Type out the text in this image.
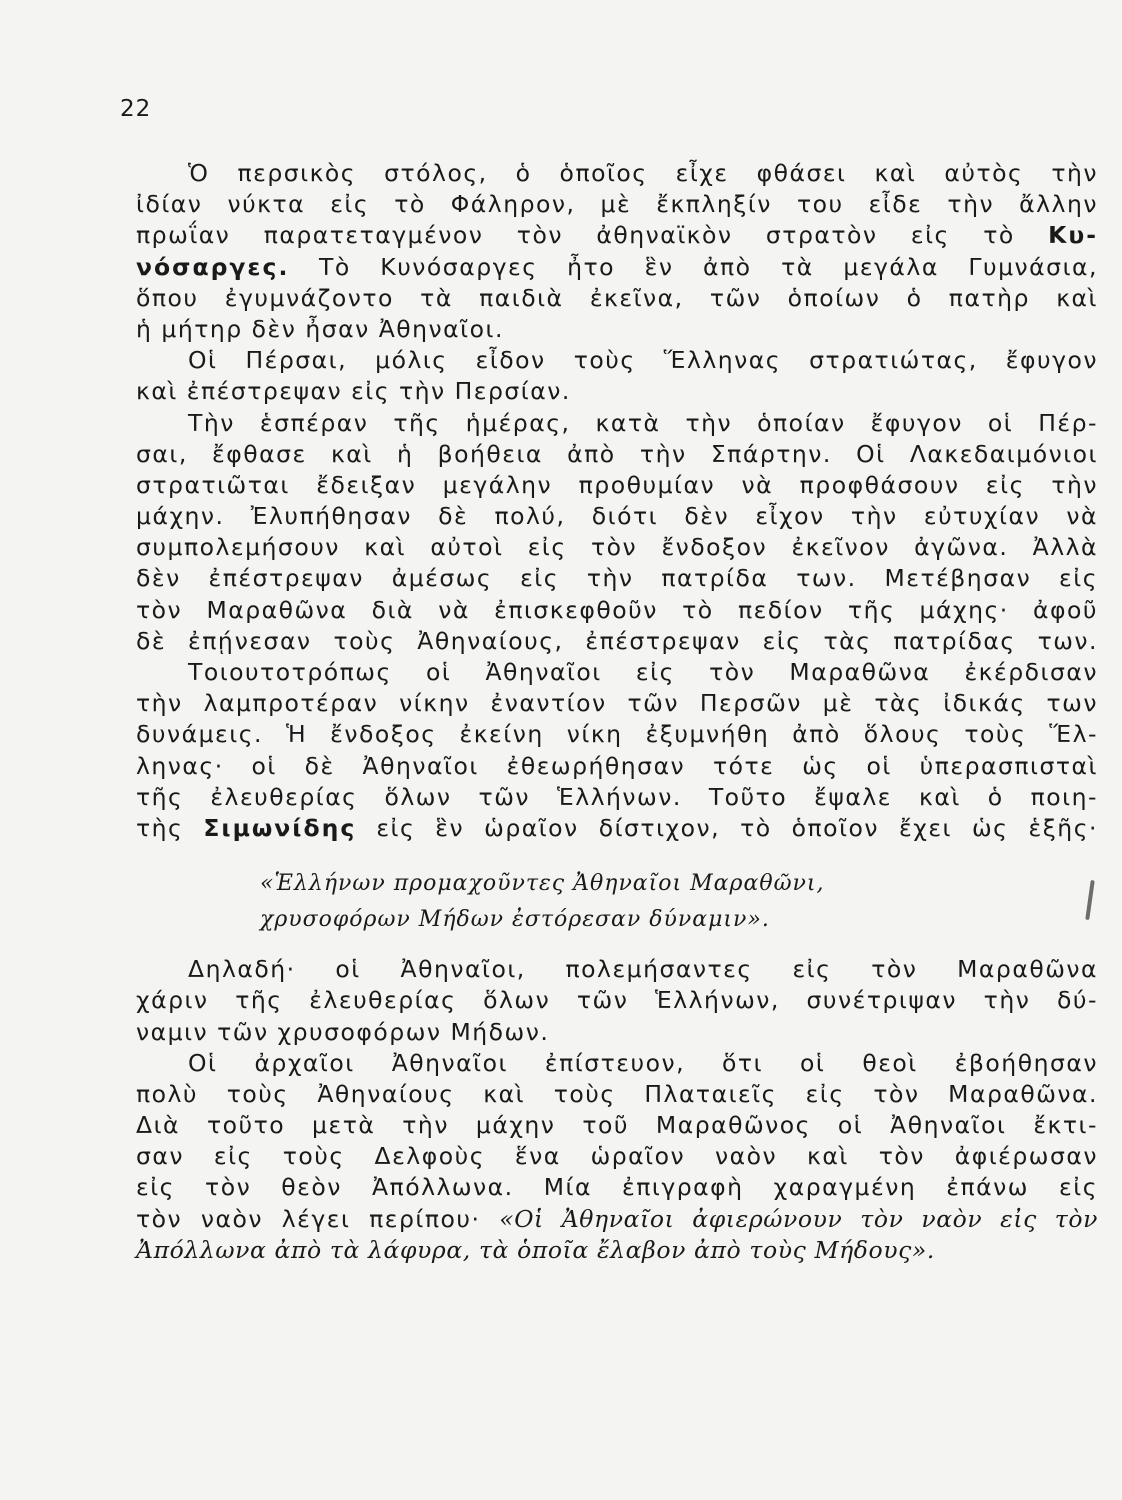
22
Ὁ περσικὸς στόλος, ὁ ὁποῖος εἶχε φθάσει καὶ αὐτὸς τὴν
ἰδίαν νύκτα εἰς τὸ Φάληρον, μὲ ἔκπληξίν του εἶδε τὴν ἄλλην
πρωΐαν παρατεταγμένον τὸν ἀθηναϊκὸν στρατὸν εἰς τὸ Κυ-
νόσαργες. Τὸ Κυνόσαργες ἦτο ἓν ἀπὸ τὰ μεγάλα Γυμνάσια,
ὅπου ἐγυμνάζοντο τὰ παιδιὰ ἐκεῖνα, τῶν ὁποίων ὁ πατὴρ καὶ
ἡ μήτηρ δὲν ἦσαν Ἀθηναῖοι.
Οἱ Πέρσαι, μόλις εἶδον τοὺς Ἕλληνας στρατιώτας, ἔφυγον
καὶ ἐπέστρεψαν εἰς τὴν Περσίαν.
Τὴν ἑσπέραν τῆς ἡμέρας, κατὰ τὴν ὁποίαν ἔφυγον οἱ Πέρ-
σαι, ἔφθασε καὶ ἡ βοήθεια ἀπὸ τὴν Σπάρτην. Οἱ Λακεδαιμόνιοι
στρατιῶται ἔδειξαν μεγάλην προθυμίαν νὰ προφθάσουν εἰς τὴν
μάχην. Ἐλυπήθησαν δὲ πολύ, διότι δὲν εἶχον τὴν εὐτυχίαν νὰ
συμπολεμήσουν καὶ αὐτοὶ εἰς τὸν ἔνδοξον ἐκεῖνον ἀγῶνα. Ἀλλὰ
δὲν ἐπέστρεψαν ἀμέσως εἰς τὴν πατρίδα των. Μετέβησαν εἰς
τὸν Μαραθῶνα διὰ νὰ ἐπισκεφθοῦν τὸ πεδίον τῆς μάχης· ἀφοῦ
δὲ ἐπῄνεσαν τοὺς Ἀθηναίους, ἐπέστρεψαν εἰς τὰς πατρίδας των.
Τοιουτοτρόπως οἱ Ἀθηναῖοι εἰς τὸν Μαραθῶνα ἐκέρδισαν
τὴν λαμπροτέραν νίκην ἐναντίον τῶν Περσῶν μὲ τὰς ἰδικάς των
δυνάμεις. Ἡ ἔνδοξος ἐκείνη νίκη ἐξυμνήθη ἀπὸ ὅλους τοὺς Ἕλ-
ληνας· οἱ δὲ Ἀθηναῖοι ἐθεωρήθησαν τότε ὡς οἱ ὑπερασπισταὶ
τῆς ἐλευθερίας ὅλων τῶν Ἑλλήνων. Τοῦτο ἔψαλε καὶ ὁ ποιη-
τὴς Σιμωνίδης εἰς ἓν ὡραῖον δίστιχον, τὸ ὁποῖον ἔχει ὡς ἑξῆς·
«Ἑλλήνων προμαχοῦντες Ἀθηναῖοι Μαραθῶνι,
χρυσοφόρων Μήδων ἐστόρεσαν δύναμιν».
Δηλαδή· οἱ Ἀθηναῖοι, πολεμήσαντες εἰς τὸν Μαραθῶνα
χάριν τῆς ἐλευθερίας ὅλων τῶν Ἑλλήνων, συνέτριψαν τὴν δύ-
ναμιν τῶν χρυσοφόρων Μήδων.
Οἱ ἀρχαῖοι Ἀθηναῖοι ἐπίστευον, ὅτι οἱ θεοὶ ἐβοήθησαν
πολὺ τοὺς Ἀθηναίους καὶ τοὺς Πλαταιεῖς εἰς τὸν Μαραθῶνα.
Διὰ τοῦτο μετὰ τὴν μάχην τοῦ Μαραθῶνος οἱ Ἀθηναῖοι ἔκτι-
σαν εἰς τοὺς Δελφοὺς ἕνα ὡραῖον ναὸν καὶ τὸν ἀφιέρωσαν
εἰς τὸν θεὸν Ἀπόλλωνα. Μία ἐπιγραφὴ χαραγμένη ἐπάνω εἰς
τὸν ναὸν λέγει περίπου· «Οἱ Ἀθηναῖοι ἀφιερώνουν τὸν ναὸν εἰς τὸν
Ἀπόλλωνα ἀπὸ τὰ λάφυρα, τὰ ὁποῖα ἔλαβον ἀπὸ τοὺς Μήδους».
